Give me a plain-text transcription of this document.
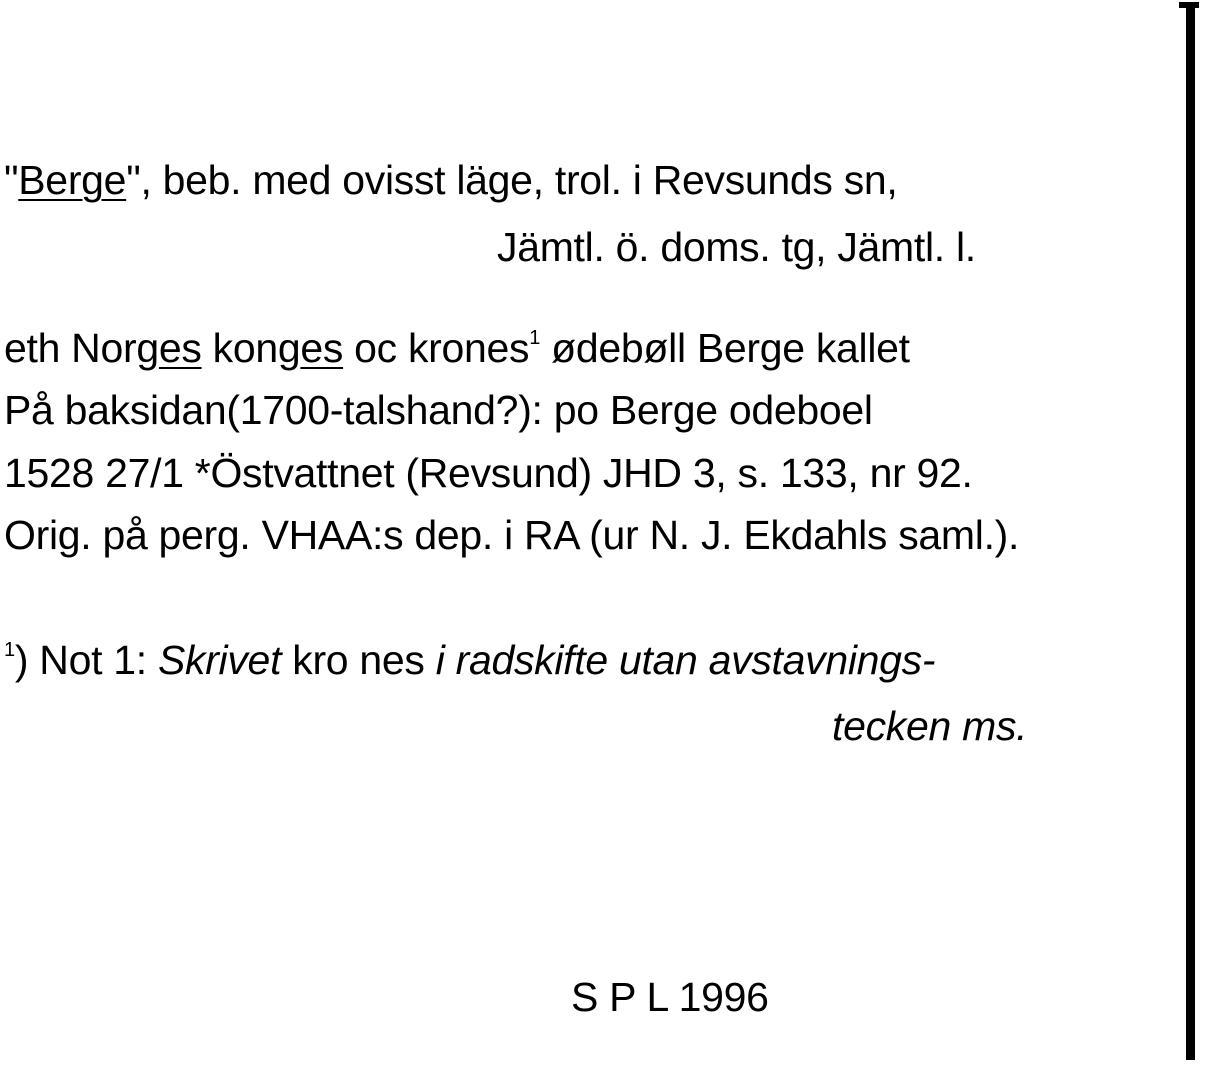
"Berge", beb. med ovisst läge, trol. i Revsunds sn,
Jämtl. ö. doms. tg, Jämtl. l.
eth Norges konges oc krones$^1$ ødebøll Berge kallet
På baksidan(1700-talshand?): po Berge odeboel
1528 27/1 *Östvattnet (Revsund) JHD 3, s. 133, nr 92.
Orig. på perg. VHAA:s dep. i RA (ur N. J. Ekdahls saml.).
$^1$) Not 1: Skrivet kro nes i radskifte utan avstavnings-
tecken ms.
S P L 1996
